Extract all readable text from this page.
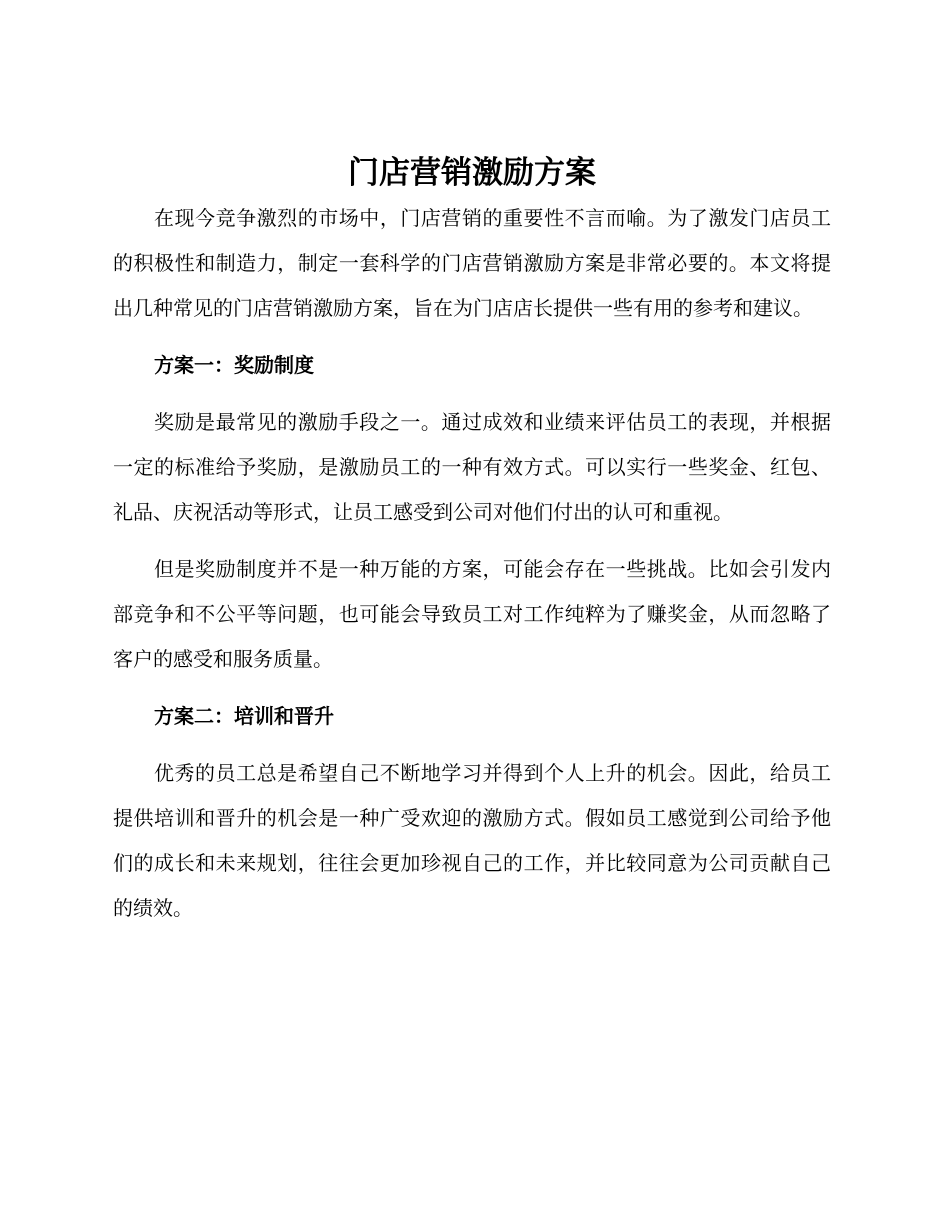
门店营销激励方案

在现今竞争激烈的市场中，门店营销的重要性不言而喻。为了激发门店员工的积极性和制造力，制定一套科学的门店营销激励方案是非常必要的。本文将提出几种常见的门店营销激励方案，旨在为门店店长提供一些有用的参考和建议。

方案一：奖励制度

奖励是最常见的激励手段之一。通过成效和业绩来评估员工的表现，并根据一定的标准给予奖励，是激励员工的一种有效方式。可以实行一些奖金、红包、礼品、庆祝活动等形式，让员工感受到公司对他们付出的认可和重视。

但是奖励制度并不是一种万能的方案，可能会存在一些挑战。比如会引发内部竞争和不公平等问题，也可能会导致员工对工作纯粹为了赚奖金，从而忽略了客户的感受和服务质量。

方案二：培训和晋升

优秀的员工总是希望自己不断地学习并得到个人上升的机会。因此，给员工提供培训和晋升的机会是一种广受欢迎的激励方式。假如员工感觉到公司给予他们的成长和未来规划，往往会更加珍视自己的工作，并比较同意为公司贡献自己的绩效。
